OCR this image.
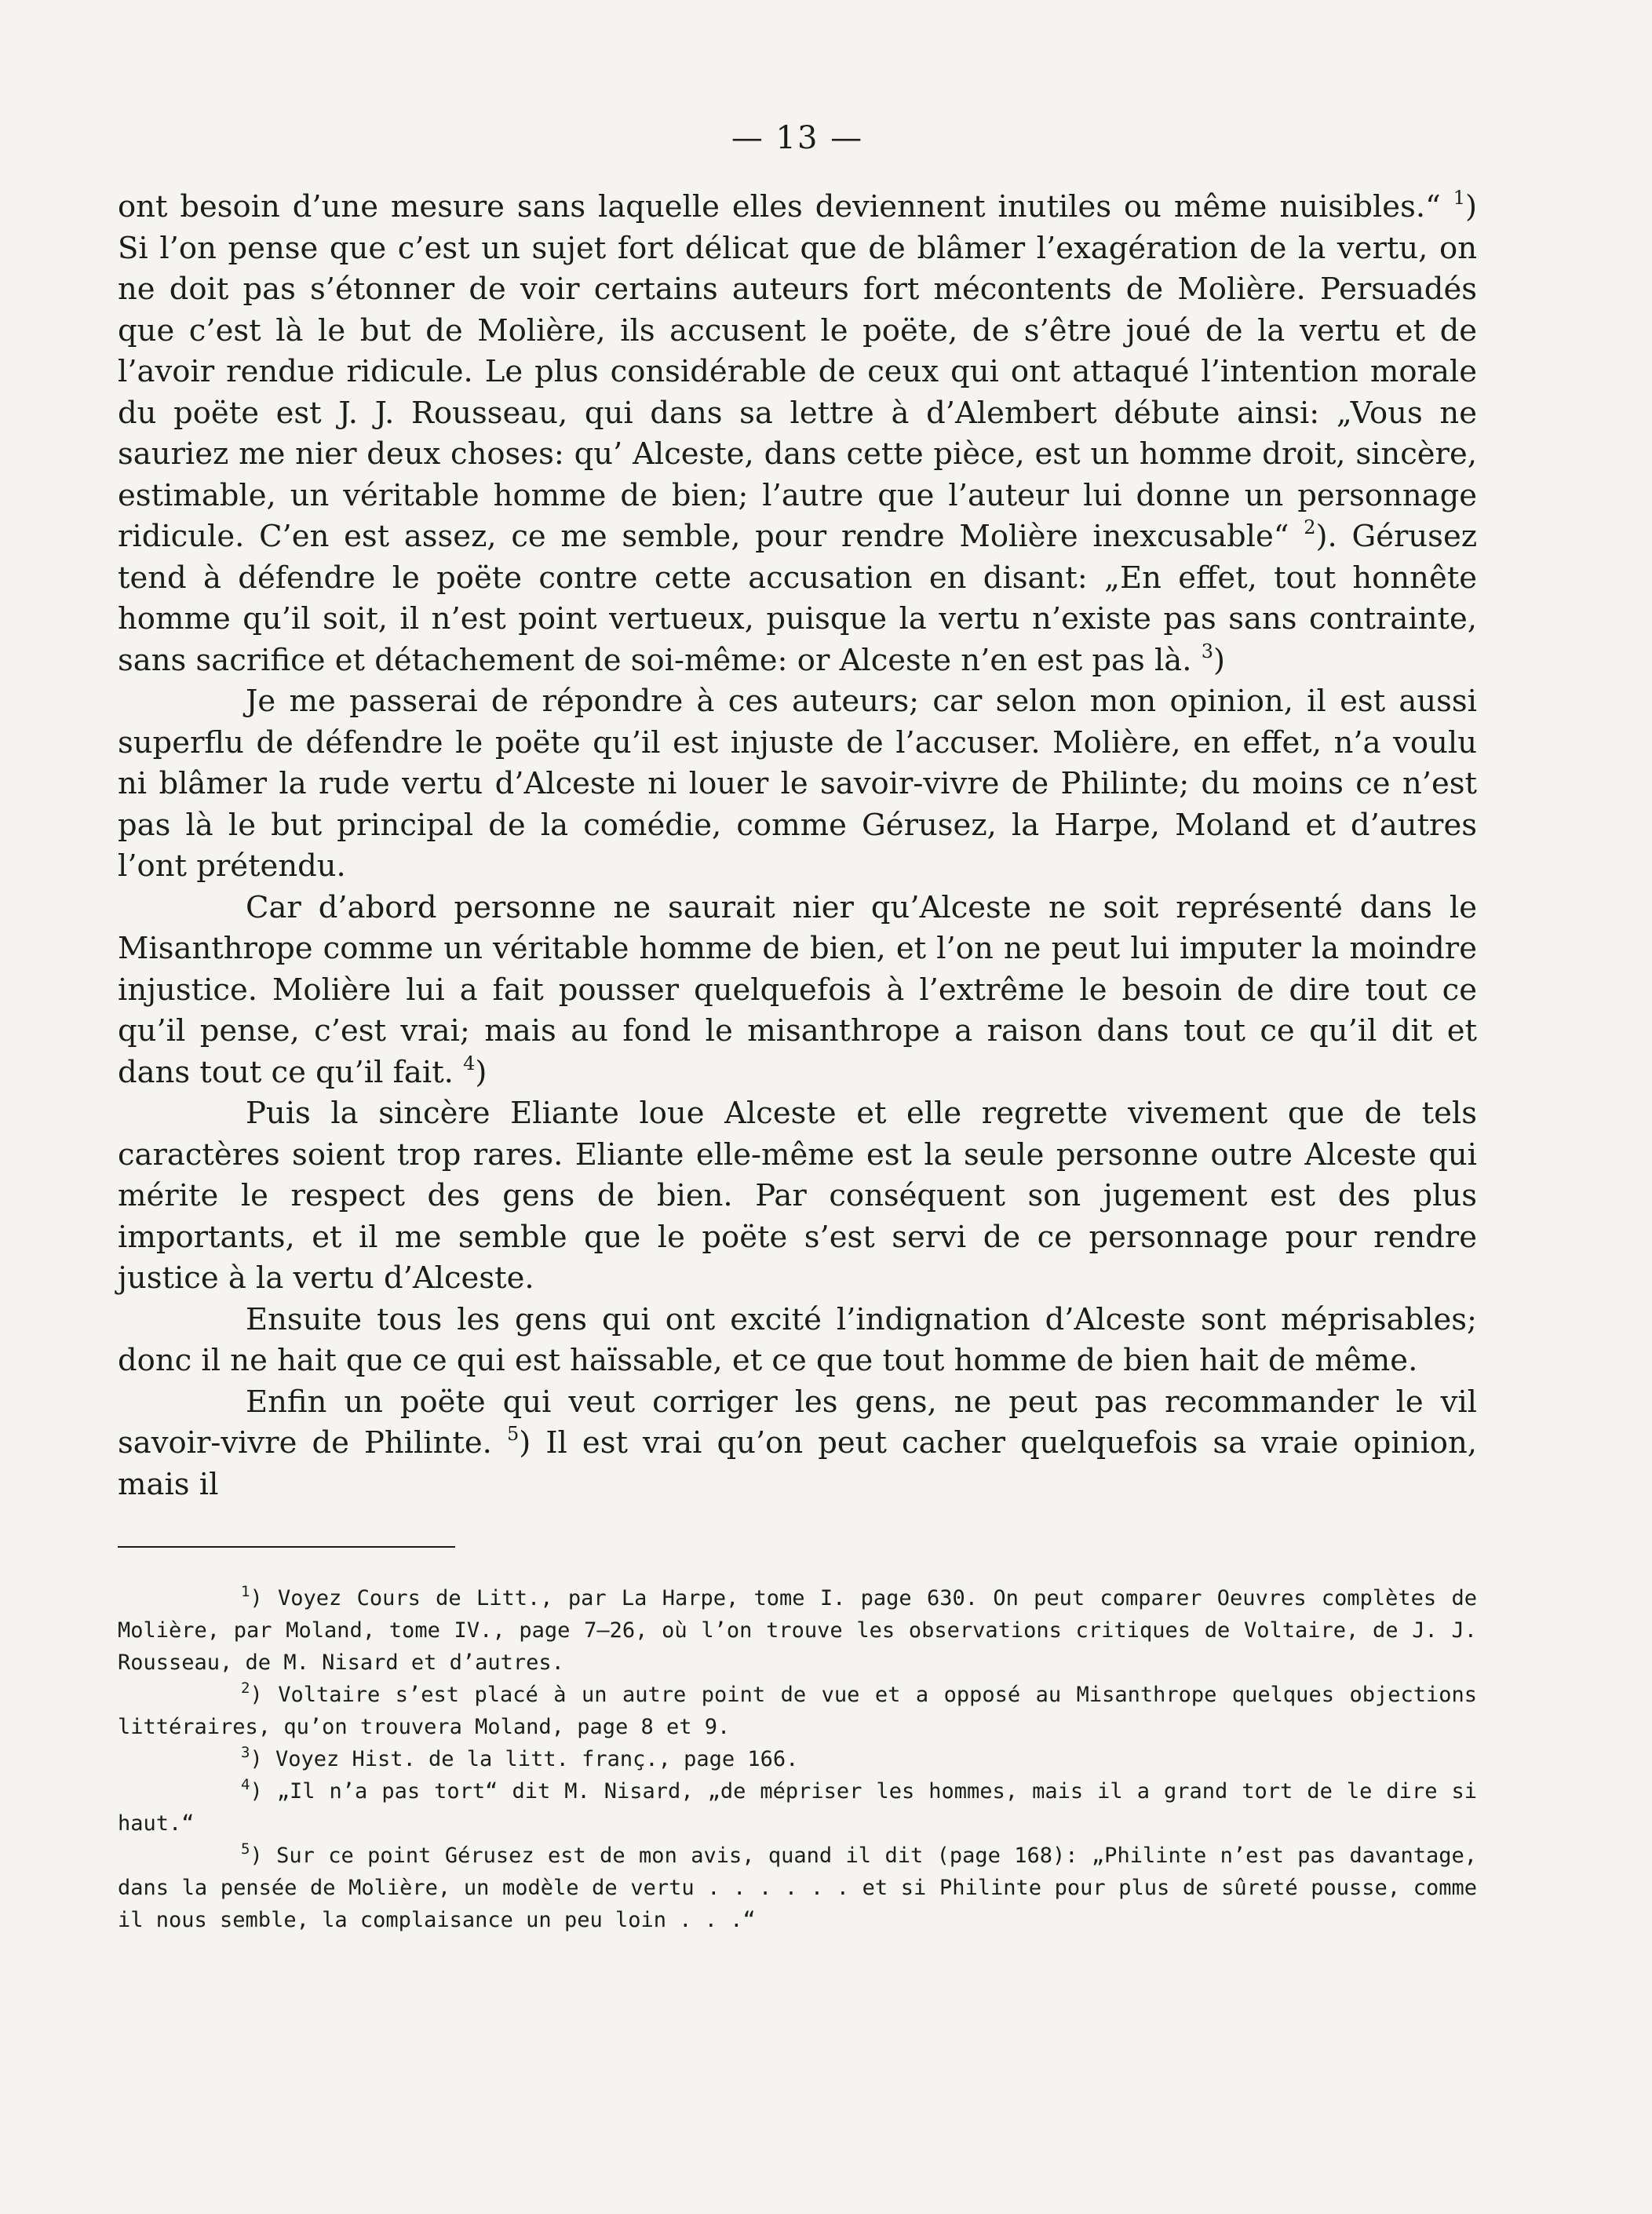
— 13 —

ont besoin d’une mesure sans laquelle elles deviennent inutiles ou même nuisibles.“ $^1$) Si l’on pense que c’est un sujet fort délicat que de blâmer l’exagération de la vertu, on ne doit pas s’étonner de voir certains auteurs fort mécontents de Molière. Persuadés que c’est là le but de Molière, ils accusent le poëte, de s’être joué de la vertu et de l’avoir rendue ridicule. Le plus considérable de ceux qui ont attaqué l’intention morale du poëte est J. J. Rousseau, qui dans sa lettre à d’Alembert débute ainsi: „Vous ne sauriez me nier deux choses: qu’ Alceste, dans cette pièce, est un homme droit, sincère, estimable, un véritable homme de bien; l’autre que l’auteur lui donne un personnage ridicule. C’en est assez, ce me semble, pour rendre Molière inexcusable“ $^2$). Gérusez tend à défendre le poëte contre cette accusation en disant: „En effet, tout honnête homme qu’il soit, il n’est point vertueux, puisque la vertu n’existe pas sans contrainte, sans sacrifice et détachement de soi-même: or Alceste n’en est pas là. $^3$)

Je me passerai de répondre à ces auteurs; car selon mon opinion, il est aussi superflu de défendre le poëte qu’il est injuste de l’accuser. Molière, en effet, n’a voulu ni blâmer la rude vertu d’Alceste ni louer le savoir-vivre de Philinte; du moins ce n’est pas là le but principal de la comédie, comme Gérusez, la Harpe, Moland et d’autres l’ont prétendu.

Car d’abord personne ne saurait nier qu’Alceste ne soit représenté dans le Misanthrope comme un véritable homme de bien, et l’on ne peut lui imputer la moindre injustice. Molière lui a fait pousser quelquefois à l’extrême le besoin de dire tout ce qu’il pense, c’est vrai; mais au fond le misanthrope a raison dans tout ce qu’il dit et dans tout ce qu’il fait. $^4$)

Puis la sincère Eliante loue Alceste et elle regrette vivement que de tels caractères soient trop rares. Eliante elle-même est la seule personne outre Alceste qui mérite le respect des gens de bien. Par conséquent son jugement est des plus importants, et il me semble que le poëte s’est servi de ce personnage pour rendre justice à la vertu d’Alceste.

Ensuite tous les gens qui ont excité l’indignation d’Alceste sont méprisables; donc il ne hait que ce qui est haïssable, et ce que tout homme de bien hait de même.

Enfin un poëte qui veut corriger les gens, ne peut pas recommander le vil savoir-vivre de Philinte. $^5$) Il est vrai qu’on peut cacher quelquefois sa vraie opinion, mais il

$^1$) Voyez Cours de Litt., par La Harpe, tome I. page 630. On peut comparer Oeuvres complètes de Molière, par Moland, tome IV., page 7—26, où l’on trouve les observations critiques de Voltaire, de J. J. Rousseau, de M. Nisard et d’autres.

$^2$) Voltaire s’est placé à un autre point de vue et a opposé au Misanthrope quelques objections littéraires, qu’on trouvera Moland, page 8 et 9.

$^3$) Voyez Hist. de la litt. franç., page 166.

$^4$) „Il n’a pas tort“ dit M. Nisard, „de mépriser les hommes, mais il a grand tort de le dire si haut.“

$^5$) Sur ce point Gérusez est de mon avis, quand il dit (page 168): „Philinte n’est pas davantage, dans la pensée de Molière, un modèle de vertu . . . . . . et si Philinte pour plus de sûreté pousse, comme il nous semble, la complaisance un peu loin . . .“
